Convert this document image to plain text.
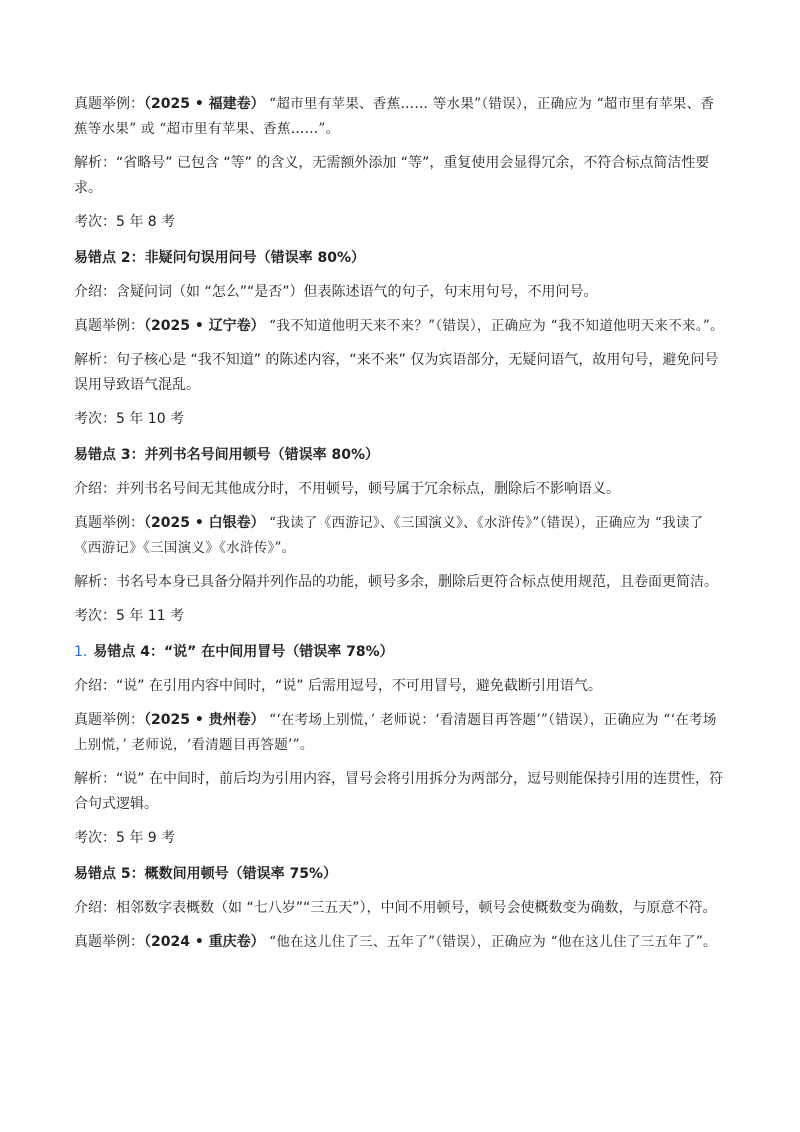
真题举例：（2025 • 福建卷） “超市里有苹果、香蕉…… 等水果”（错误），正确应为 “超市里有苹果、香蕉等水果” 或 “超市里有苹果、香蕉……”。

解析：“省略号” 已包含 “等” 的含义，无需额外添加 “等”，重复使用会显得冗余，不符合标点简洁性要求。

考次：5 年 8 考

易错点 2：非疑问句误用问号（错误率 80%）

介绍：含疑问词（如 “怎么”“是否”）但表陈述语气的句子，句末用句号，不用问号。

真题举例：（2025 • 辽宁卷） “我不知道他明天来不来？”（错误），正确应为 “我不知道他明天来不来。”。

解析：句子核心是 “我不知道” 的陈述内容，“来不来” 仅为宾语部分，无疑问语气，故用句号，避免问号误用导致语气混乱。

考次：5 年 10 考

易错点 3：并列书名号间用顿号（错误率 80%）

介绍：并列书名号间无其他成分时，不用顿号，顿号属于冗余标点，删除后不影响语义。

真题举例：（2025 • 白银卷） “我读了《西游记》、《三国演义》、《水浒传》”（错误），正确应为 “我读了《西游记》《三国演义》《水浒传》”。

解析：书名号本身已具备分隔并列作品的功能，顿号多余，删除后更符合标点使用规范，且卷面更简洁。

考次：5 年 11 考

1. 易错点 4：“说” 在中间用冒号（错误率 78%）

介绍：“说” 在引用内容中间时，“说” 后需用逗号，不可用冒号，避免截断引用语气。

真题举例：（2025 • 贵州卷） “‘在考场上别慌，’ 老师说：‘看清题目再答题’”（错误），正确应为 “‘在考场上别慌，’ 老师说，‘看清题目再答题’”。

解析：“说” 在中间时，前后均为引用内容，冒号会将引用拆分为两部分，逗号则能保持引用的连贯性，符合句式逻辑。

考次：5 年 9 考

易错点 5：概数间用顿号（错误率 75%）

介绍：相邻数字表概数（如 “七八岁”“三五天”），中间不用顿号，顿号会使概数变为确数，与原意不符。

真题举例：（2024 • 重庆卷） “他在这儿住了三、五年了”（错误），正确应为 “他在这儿住了三五年了”。
